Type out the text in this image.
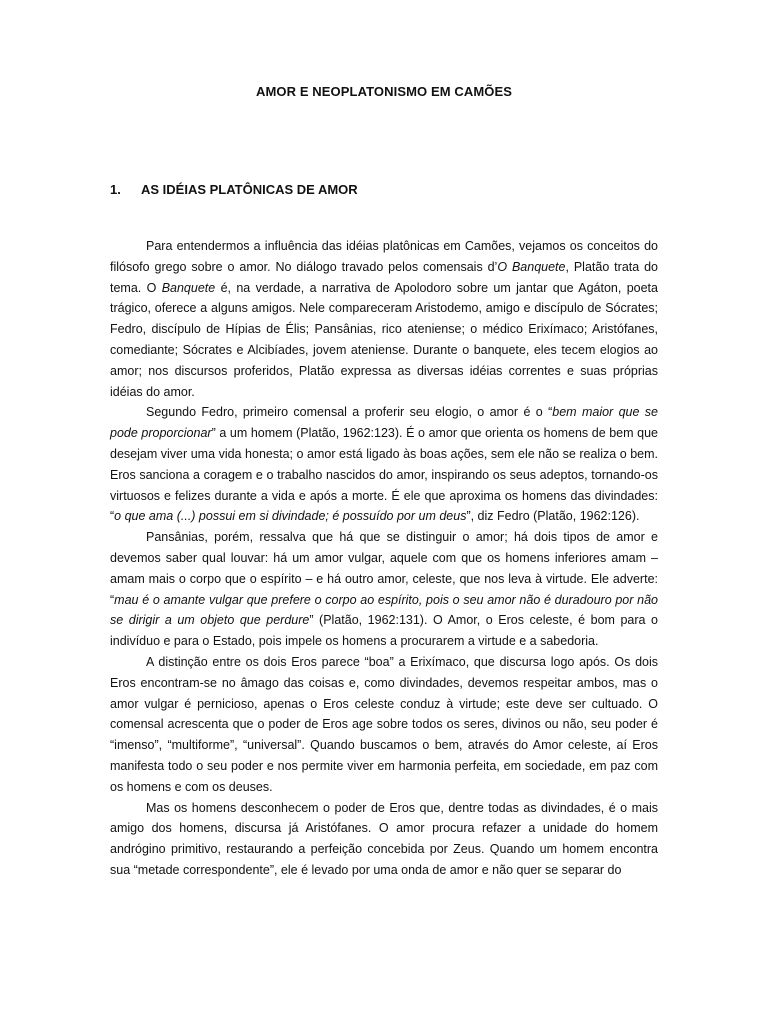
AMOR E NEOPLATONISMO EM CAMÕES
1. AS IDÉIAS PLATÔNICAS DE AMOR

Para entendermos a influência das idéias platônicas em Camões, vejamos os conceitos do filósofo grego sobre o amor. No diálogo travado pelos comensais d’O Banquete, Platão trata do tema. O Banquete é, na verdade, a narrativa de Apolodoro sobre um jantar que Agáton, poeta trágico, oferece a alguns amigos. Nele compareceram Aristodemo, amigo e discípulo de Sócrates; Fedro, discípulo de Hípias de Élis; Pansânias, rico ateniense; o médico Erixímaco; Aristófanes, comediante; Sócrates e Alcibíades, jovem ateniense. Durante o banquete, eles tecem elogios ao amor; nos discursos proferidos, Platão expressa as diversas idéias correntes e suas próprias idéias do amor.

Segundo Fedro, primeiro comensal a proferir seu elogio, o amor é o “bem maior que se pode proporcionar” a um homem (Platão, 1962:123). É o amor que orienta os homens de bem que desejam viver uma vida honesta; o amor está ligado às boas ações, sem ele não se realiza o bem. Eros sanciona a coragem e o trabalho nascidos do amor, inspirando os seus adeptos, tornando-os virtuosos e felizes durante a vida e após a morte. É ele que aproxima os homens das divindades: “o que ama (...) possui em si divindade; é possuído por um deus”, diz Fedro (Platão, 1962:126).

Pansânias, porém, ressalva que há que se distinguir o amor; há dois tipos de amor e devemos saber qual louvar: há um amor vulgar, aquele com que os homens inferiores amam – amam mais o corpo que o espírito – e há outro amor, celeste, que nos leva à virtude. Ele adverte: “mau é o amante vulgar que prefere o corpo ao espírito, pois o seu amor não é duradouro por não se dirigir a um objeto que perdure” (Platão, 1962:131). O Amor, o Eros celeste, é bom para o indivíduo e para o Estado, pois impele os homens a procurarem a virtude e a sabedoria.

A distinção entre os dois Eros parece “boa” a Erixímaco, que discursa logo após. Os dois Eros encontram-se no âmago das coisas e, como divindades, devemos respeitar ambos, mas o amor vulgar é pernicioso, apenas o Eros celeste conduz à virtude; este deve ser cultuado. O comensal acrescenta que o poder de Eros age sobre todos os seres, divinos ou não, seu poder é “imenso”, “multiforme”, “universal”. Quando buscamos o bem, através do Amor celeste, aí Eros manifesta todo o seu poder e nos permite viver em harmonia perfeita, em sociedade, em paz com os homens e com os deuses.

Mas os homens desconhecem o poder de Eros que, dentre todas as divindades, é o mais amigo dos homens, discursa já Aristófanes. O amor procura refazer a unidade do homem andrógino primitivo, restaurando a perfeição concebida por Zeus. Quando um homem encontra sua “metade correspondente”, ele é levado por uma onda de amor e não quer se separar do
